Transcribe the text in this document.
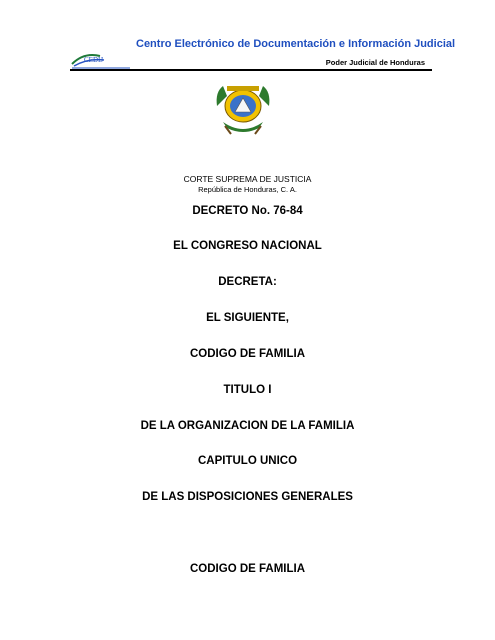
Centro Electrónico de Documentación e Información Judicial
CEDIJ	Poder Judicial de Honduras
CORTE SUPREMA DE JUSTICIA
República de Honduras, C. A.
DECRETO No. 76-84
EL CONGRESO NACIONAL
DECRETA:
EL SIGUIENTE,
CODIGO DE FAMILIA
TITULO I
DE LA ORGANIZACION DE LA FAMILIA
CAPITULO UNICO
DE LAS DISPOSICIONES GENERALES
CODIGO DE FAMILIA
